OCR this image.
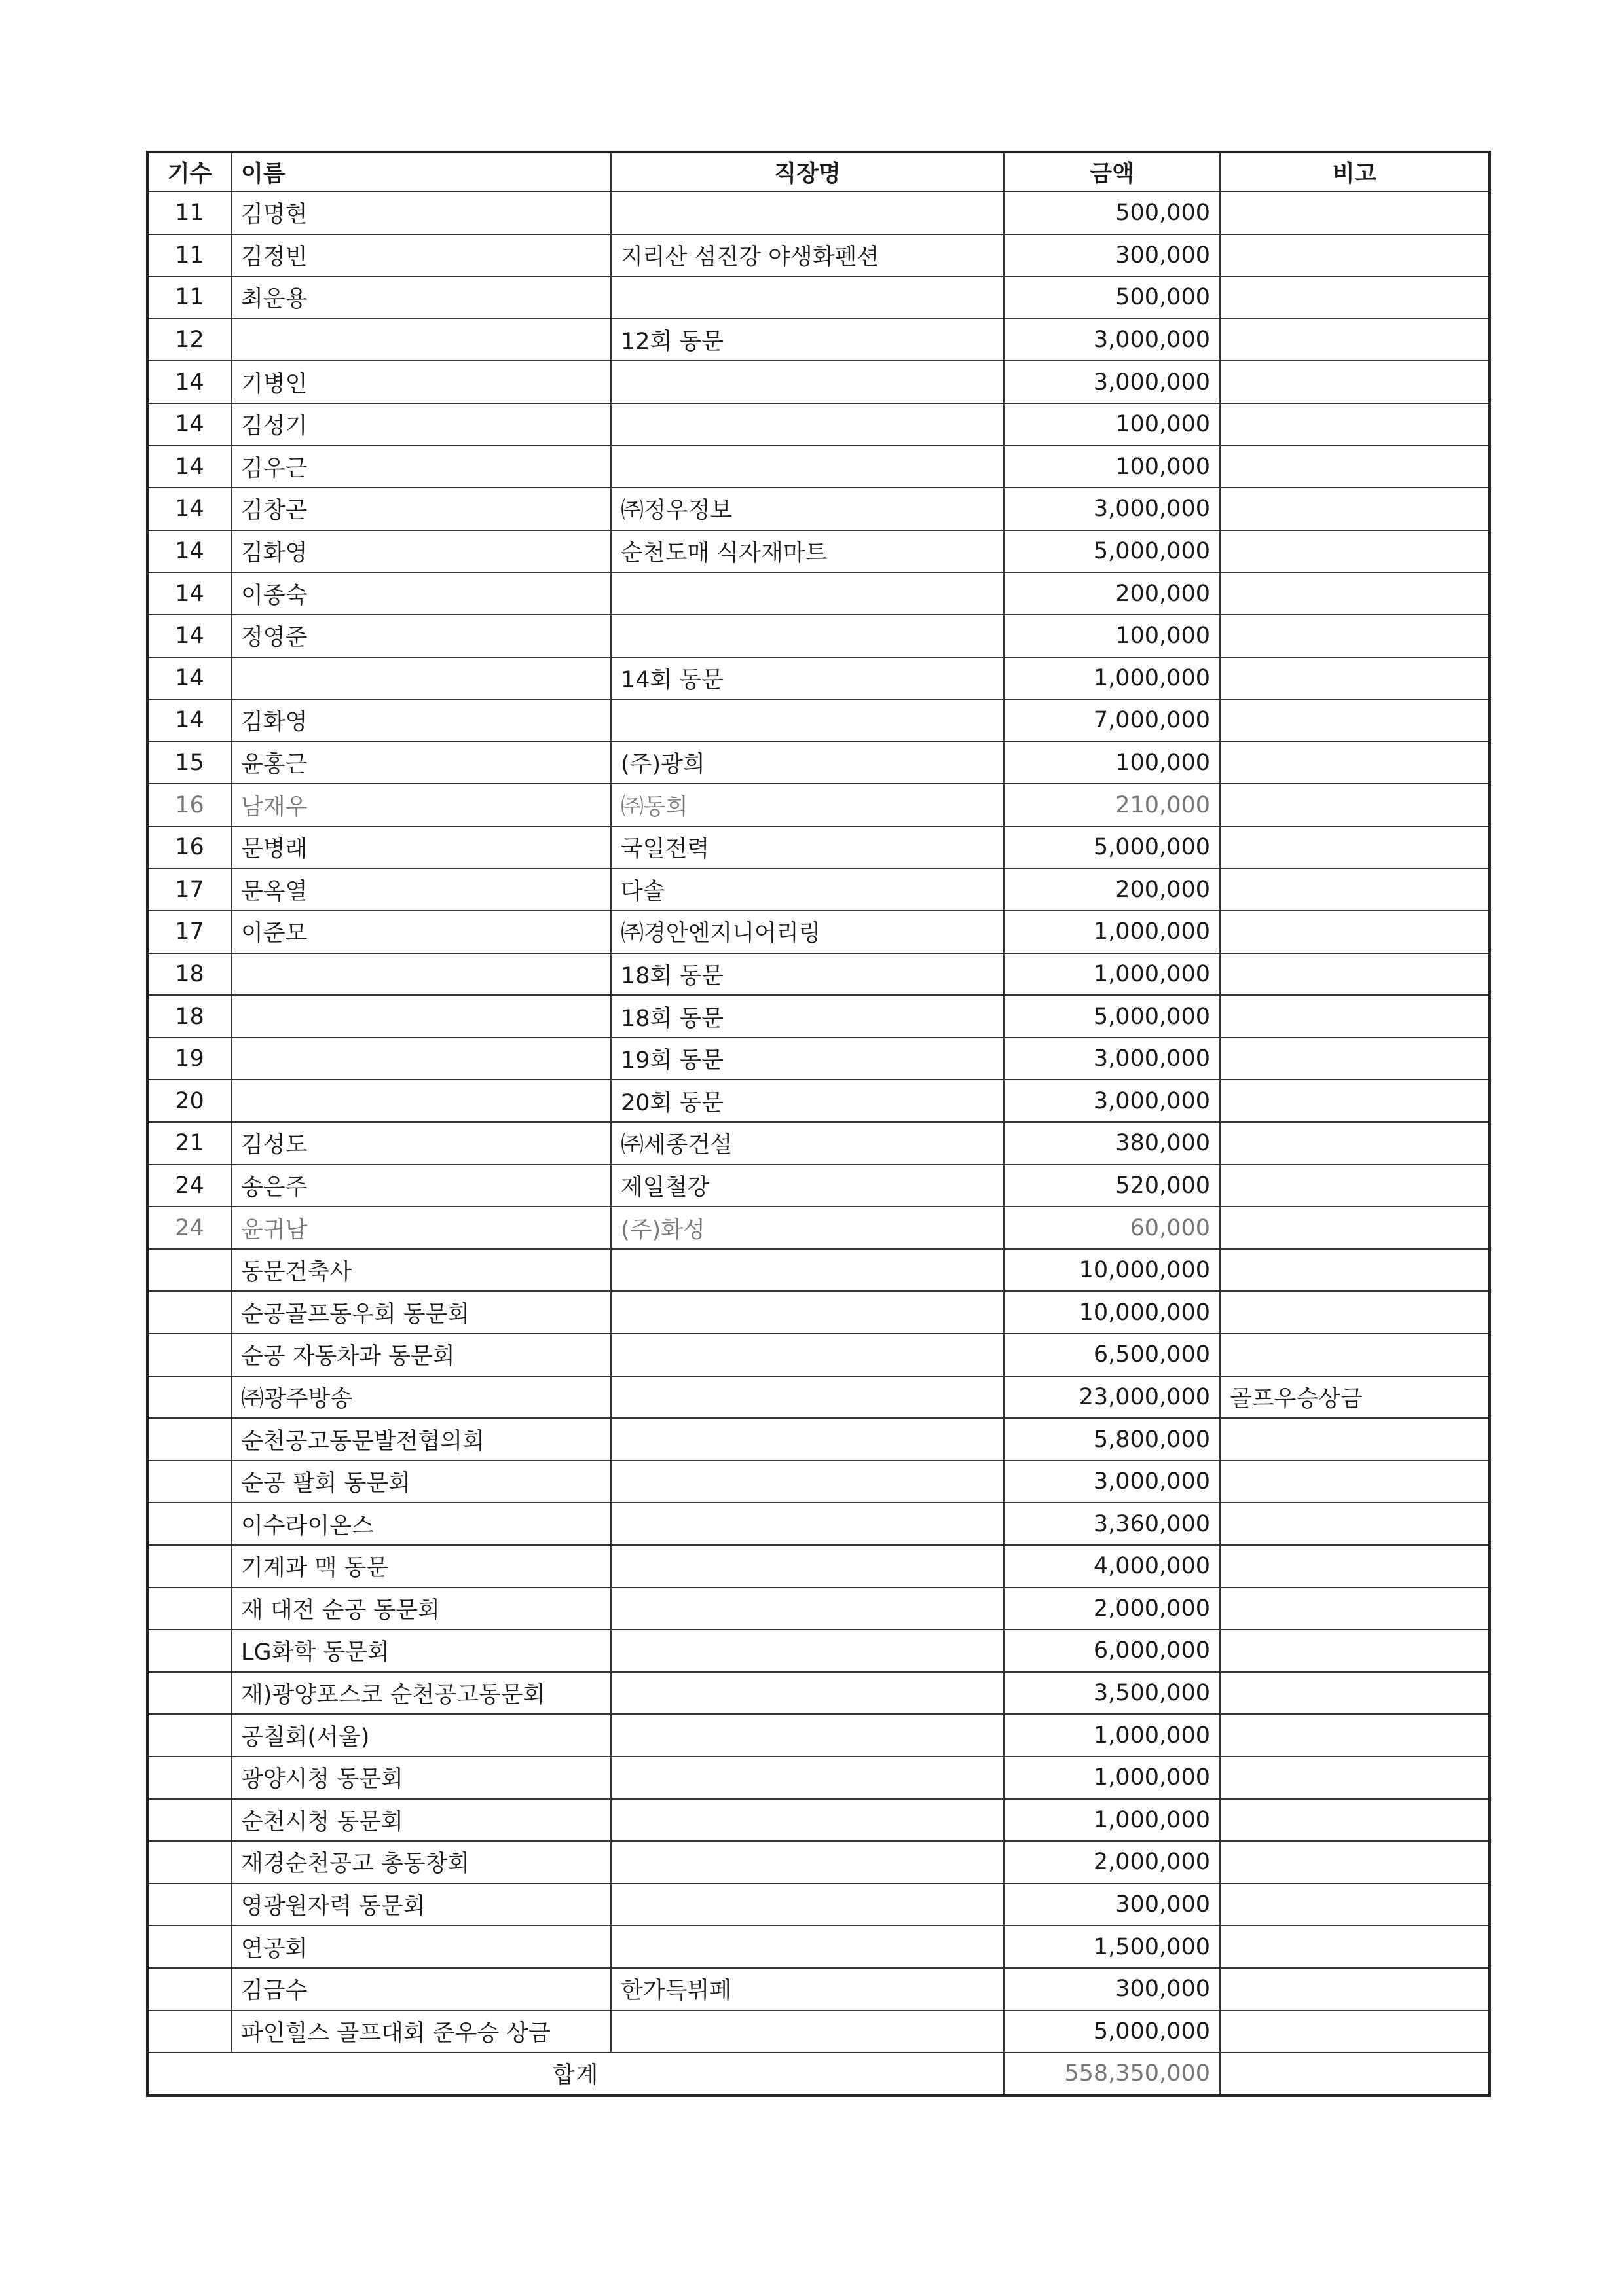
기수	이름	직장명	금액	비고
11	김명현		500,000	
11	김정빈	지리산 섬진강 야생화펜션	300,000	
11	최운용		500,000	
12		12회 동문	3,000,000	
14	기병인		3,000,000	
14	김성기		100,000	
14	김우근		100,000	
14	김창곤	㈜정우정보	3,000,000	
14	김화영	순천도매 식자재마트	5,000,000	
14	이종숙		200,000	
14	정영준		100,000	
14		14회 동문	1,000,000	
14	김화영		7,000,000	
15	윤홍근	(주)광희	100,000	
16	남재우	㈜동희	210,000	
16	문병래	국일전력	5,000,000	
17	문옥열	다솔	200,000	
17	이준모	㈜경안엔지니어리링	1,000,000	
18		18회 동문	1,000,000	
18		18회 동문	5,000,000	
19		19회 동문	3,000,000	
20		20회 동문	3,000,000	
21	김성도	㈜세종건설	380,000	
24	송은주	제일철강	520,000	
24	윤귀남	(주)화성	60,000	
	동문건축사		10,000,000	
	순공골프동우회 동문회		10,000,000	
	순공 자동차과 동문회		6,500,000	
	㈜광주방송		23,000,000	골프우승상금
	순천공고동문발전협의회		5,800,000	
	순공 팔회 동문회		3,000,000	
	이수라이온스		3,360,000	
	기계과 맥 동문		4,000,000	
	재 대전 순공 동문회		2,000,000	
	LG화학 동문회		6,000,000	
	재)광양포스코 순천공고동문회		3,500,000	
	공칠회(서울)		1,000,000	
	광양시청 동문회		1,000,000	
	순천시청 동문회		1,000,000	
	재경순천공고 총동창회		2,000,000	
	영광원자력 동문회		300,000	
	연공회		1,500,000	
	김금수	한가득뷔페	300,000	
	파인힐스 골프대회 준우승 상금		5,000,000	
합계			558,350,000	
